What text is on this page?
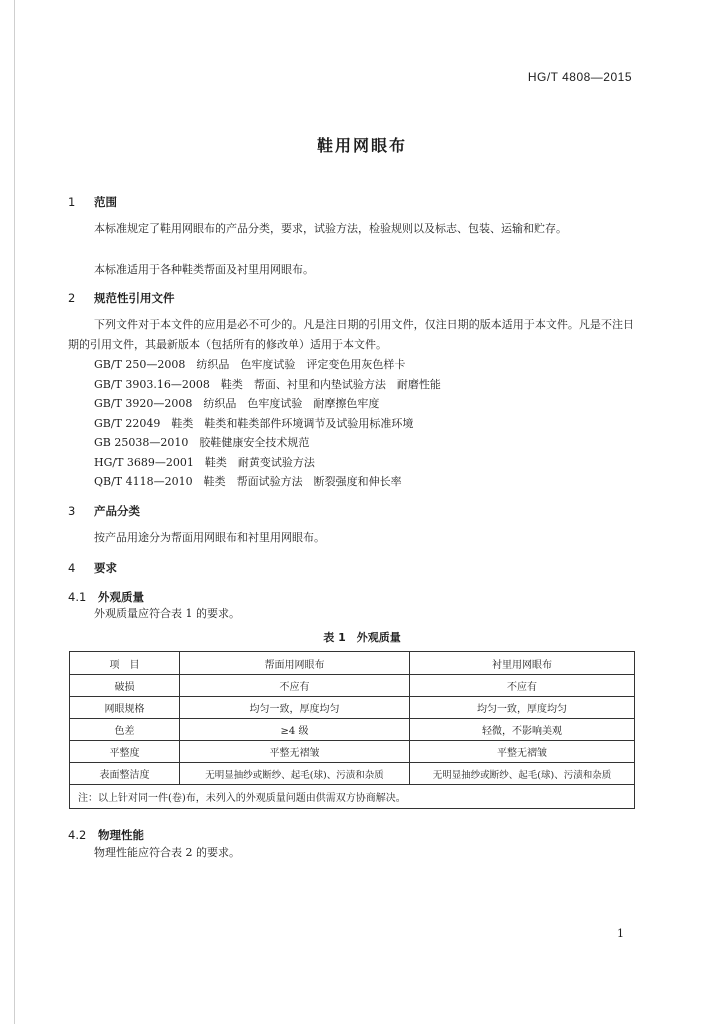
HG/T 4808—2015
鞋用网眼布
1 范围
本标准规定了鞋用网眼布的产品分类，要求，试验方法，检验规则以及标志、包装、运输和贮存。
本标准适用于各种鞋类帮面及衬里用网眼布。
2 规范性引用文件
下列文件对于本文件的应用是必不可少的。凡是注日期的引用文件，仅注日期的版本适用于本文件。凡是不注日期的引用文件，其最新版本（包括所有的修改单）适用于本文件。
GB/T 250—2008　纺织品　色牢度试验　评定变色用灰色样卡
GB/T 3903.16—2008　鞋类　帮面、衬里和内垫试验方法　耐磨性能
GB/T 3920—2008　纺织品　色牢度试验　耐摩擦色牢度
GB/T 22049　鞋类　鞋类和鞋类部件环境调节及试验用标准环境
GB 25038—2010　胶鞋健康安全技术规范
HG/T 3689—2001　鞋类　耐黄变试验方法
QB/T 4118—2010　鞋类　帮面试验方法　断裂强度和伸长率
3 产品分类
按产品用途分为帮面用网眼布和衬里用网眼布。
4 要求
4.1 外观质量
外观质量应符合表 1 的要求。
表 1　外观质量
项　目	帮面用网眼布	衬里用网眼布
破损	不应有	不应有
网眼规格	均匀一致，厚度均匀	均匀一致，厚度均匀
色差	≥4 级	轻微，不影响美观
平整度	平整无褶皱	平整无褶皱
表面整洁度	无明显抽纱或断纱、起毛(球)、污渍和杂质	无明显抽纱或断纱、起毛(球)、污渍和杂质
注：以上针对同一件(卷)布，未列入的外观质量问题由供需双方协商解决。		
4.2 物理性能
物理性能应符合表 2 的要求。
1
